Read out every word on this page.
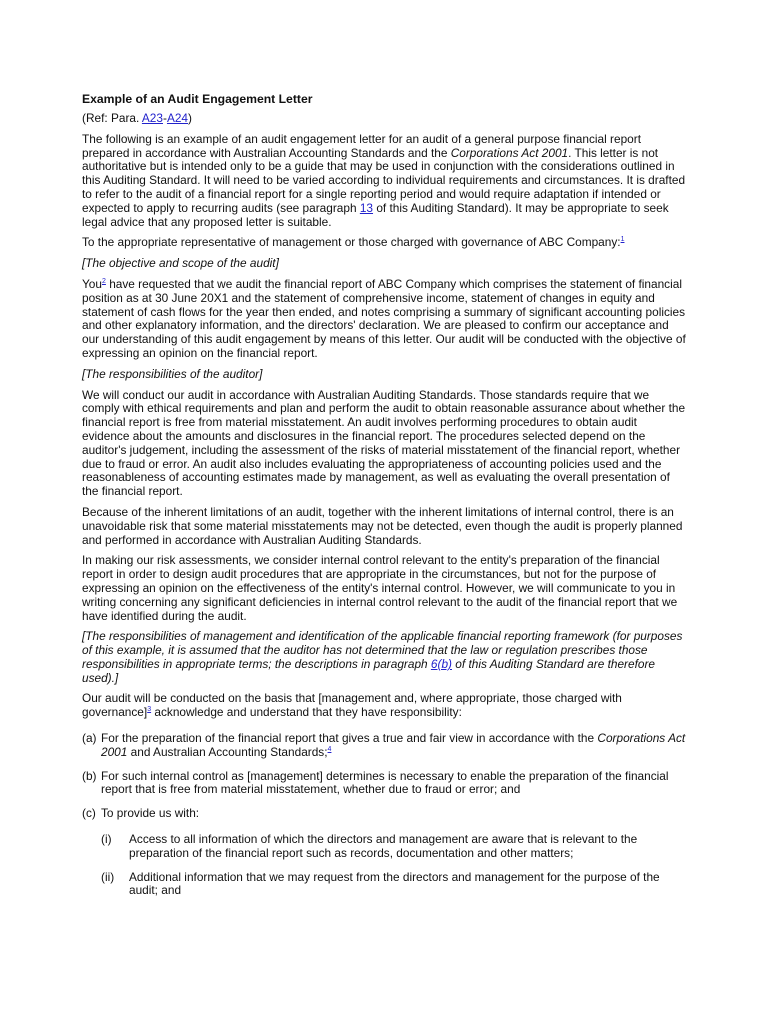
Example of an Audit Engagement Letter

(Ref: Para. A23-A24)

The following is an example of an audit engagement letter for an audit of a general purpose financial report prepared in accordance with Australian Accounting Standards and the Corporations Act 2001. This letter is not authoritative but is intended only to be a guide that may be used in conjunction with the considerations outlined in this Auditing Standard. It will need to be varied according to individual requirements and circumstances. It is drafted to refer to the audit of a financial report for a single reporting period and would require adaptation if intended or expected to apply to recurring audits (see paragraph 13 of this Auditing Standard). It may be appropriate to seek legal advice that any proposed letter is suitable.

To the appropriate representative of management or those charged with governance of ABC Company:$^1$

[The objective and scope of the audit]

You$^2$ have requested that we audit the financial report of ABC Company which comprises the statement of financial position as at 30 June 20X1 and the statement of comprehensive income, statement of changes in equity and statement of cash flows for the year then ended, and notes comprising a summary of significant accounting policies and other explanatory information, and the directors' declaration. We are pleased to confirm our acceptance and our understanding of this audit engagement by means of this letter. Our audit will be conducted with the objective of expressing an opinion on the financial report.

[The responsibilities of the auditor]

We will conduct our audit in accordance with Australian Auditing Standards. Those standards require that we comply with ethical requirements and plan and perform the audit to obtain reasonable assurance about whether the financial report is free from material misstatement. An audit involves performing procedures to obtain audit evidence about the amounts and disclosures in the financial report. The procedures selected depend on the auditor's judgement, including the assessment of the risks of material misstatement of the financial report, whether due to fraud or error. An audit also includes evaluating the appropriateness of accounting policies used and the reasonableness of accounting estimates made by management, as well as evaluating the overall presentation of the financial report.

Because of the inherent limitations of an audit, together with the inherent limitations of internal control, there is an unavoidable risk that some material misstatements may not be detected, even though the audit is properly planned and performed in accordance with Australian Auditing Standards.

In making our risk assessments, we consider internal control relevant to the entity's preparation of the financial report in order to design audit procedures that are appropriate in the circumstances, but not for the purpose of expressing an opinion on the effectiveness of the entity's internal control. However, we will communicate to you in writing concerning any significant deficiencies in internal control relevant to the audit of the financial report that we have identified during the audit.

[The responsibilities of management and identification of the applicable financial reporting framework (for purposes of this example, it is assumed that the auditor has not determined that the law or regulation prescribes those responsibilities in appropriate terms; the descriptions in paragraph 6(b) of this Auditing Standard are therefore used).]

Our audit will be conducted on the basis that [management and, where appropriate, those charged with governance]$^3$ acknowledge and understand that they have responsibility:

(a) For the preparation of the financial report that gives a true and fair view in accordance with the Corporations Act 2001 and Australian Accounting Standards;$^4$
(b) For such internal control as [management] determines is necessary to enable the preparation of the financial report that is free from material misstatement, whether due to fraud or error; and
(c) To provide us with:
(i)	Access to all information of which the directors and management are aware that is relevant to the preparation of the financial report such as records, documentation and other matters;
(ii)	Additional information that we may request from the directors and management for the purpose of the audit; and
